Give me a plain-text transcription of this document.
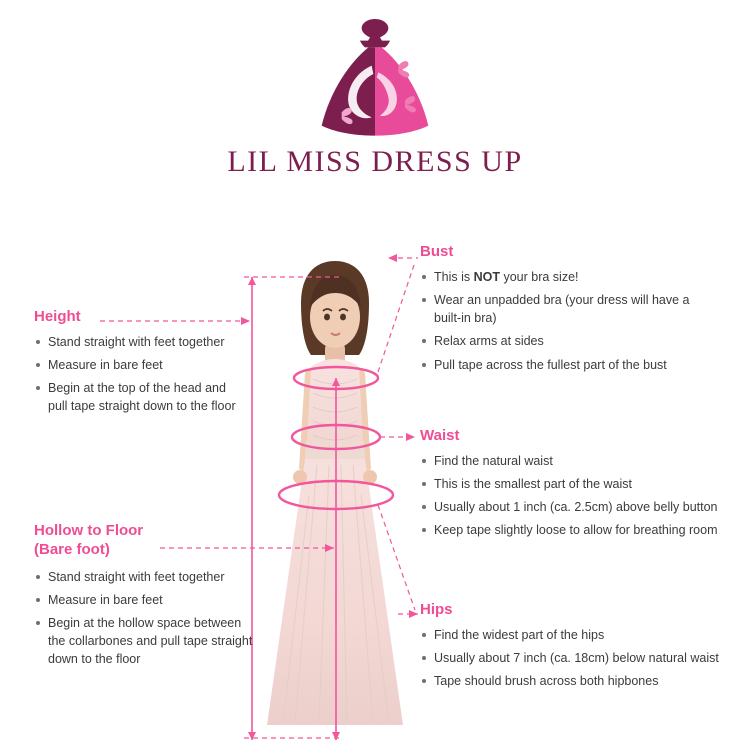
LIL MISS DRESS UP
Height
Stand straight with feet together
Measure in bare feet
Begin at the top of the head and pull tape straight down to the floor
Hollow to Floor
(Bare foot)
Stand straight with feet together
Measure in bare feet
Begin at the hollow space between the collarbones and pull tape straight down to the floor
Bust
This is NOT your bra size!
Wear an unpadded bra (your dress will have a built-in bra)
Relax arms at sides
Pull tape across the fullest part of the bust
Waist
Find the natural waist
This is the smallest part of the waist
Usually about 1 inch (ca. 2.5cm) above belly button
Keep tape slightly loose to allow for breathing room
Hips
Find the widest part of the hips
Usually about 7 inch (ca. 18cm) below natural waist
Tape should brush across both hipbones
